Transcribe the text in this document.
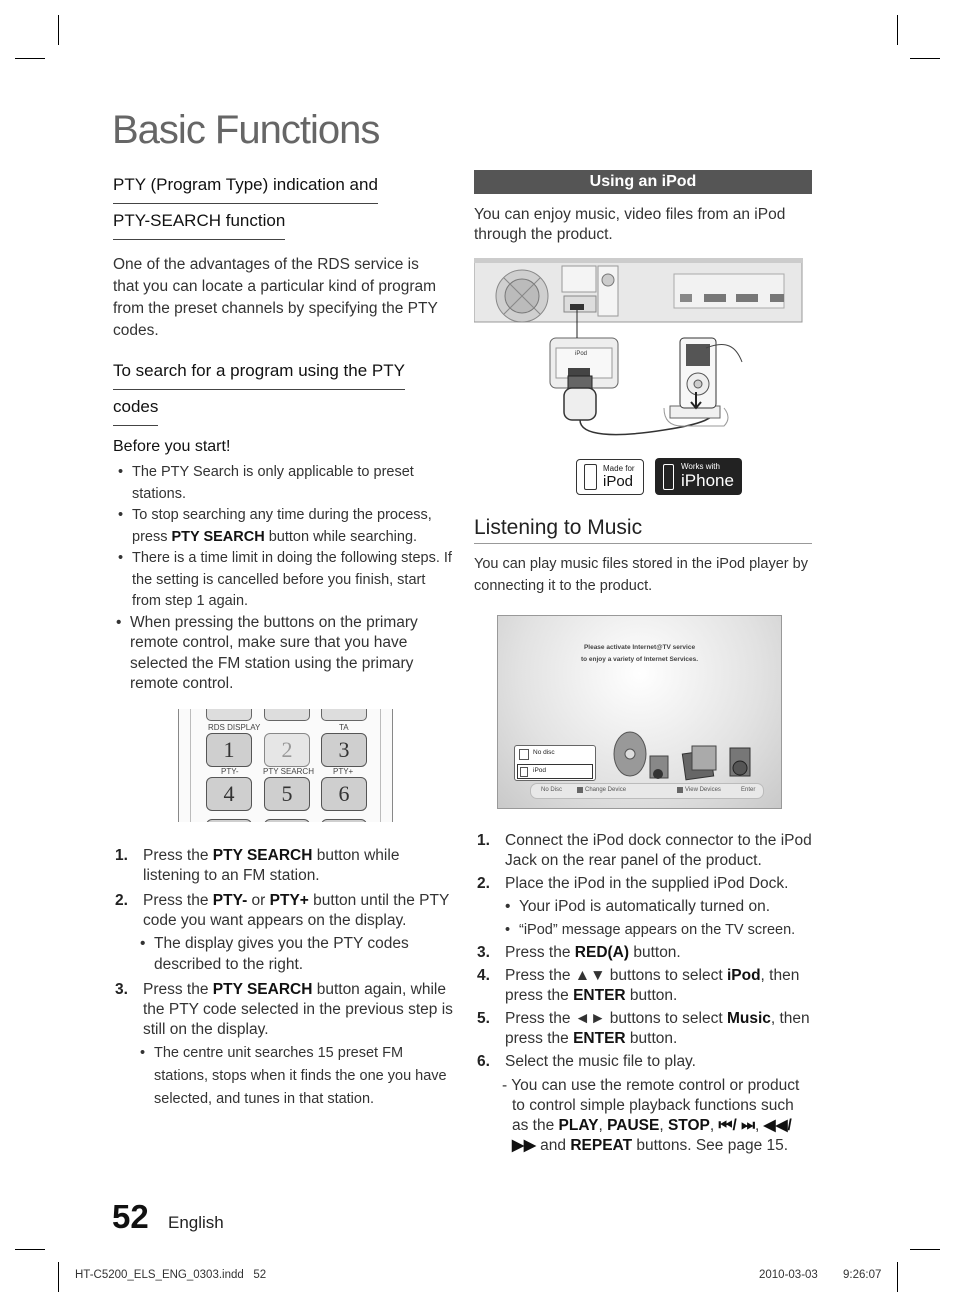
Basic Functions
PTY (Program Type) indication and
PTY-SEARCH function
One of the advantages of the RDS service is that you can locate a particular kind of program from the preset channels by specifying the PTY codes.
To search for a program using the PTY
codes
Before you start!
• The PTY Search is only applicable to preset stations.
• To stop searching any time during the process, press PTY SEARCH button while searching.
• There is a time limit in doing the following steps. If the setting is cancelled before you finish, start from step 1 again.
• When pressing the buttons on the primary remote control, make sure that you have selected the FM station using the primary remote control.
RDS DISPLAY	TA
1	2	3
PTY-	PTY SEARCH PTY+
4	5	6
1. Press the PTY SEARCH button while listening to an FM station.
2. Press the PTY- or PTY+ button until the PTY code you want appears on the display.
• The display gives you the PTY codes described to the right.
3. Press the PTY SEARCH button again, while the PTY code selected in the previous step is still on the display.
• The centre unit searches 15 preset FM stations, stops when it finds the one you have selected, and tunes in that station.
Using an iPod
You can enjoy music, video files from an iPod through the product.
iPod
Made for
iPod
Works with
iPhone
Listening to Music
You can play music files stored in the iPod player by connecting it to the product.
Please activate Internet@TV service
to enjoy a variety of Internet Services.
No disc
iPod
No Disc	Change Device	View Devices	Enter
1. Connect the iPod dock connector to the iPod Jack on the rear panel of the product.
2. Place the iPod in the supplied iPod Dock.
• Your iPod is automatically turned on.
• “iPod” message appears on the TV screen.
3. Press the RED(A) button.
4. Press the ▲▼ buttons to select iPod, then press the ENTER button.
5. Press the ◄► buttons to select Music, then press the ENTER button.
6. Select the music file to play.
- You can use the remote control or product to control simple playback functions such as the PLAY, PAUSE, STOP, ⏮/ ⏭, ◀◀/ ▶▶ and REPEAT buttons. See page 15.
52 English
HT-C5200_ELS_ENG_0303.indd   52	2010-03-03 9:26:07
